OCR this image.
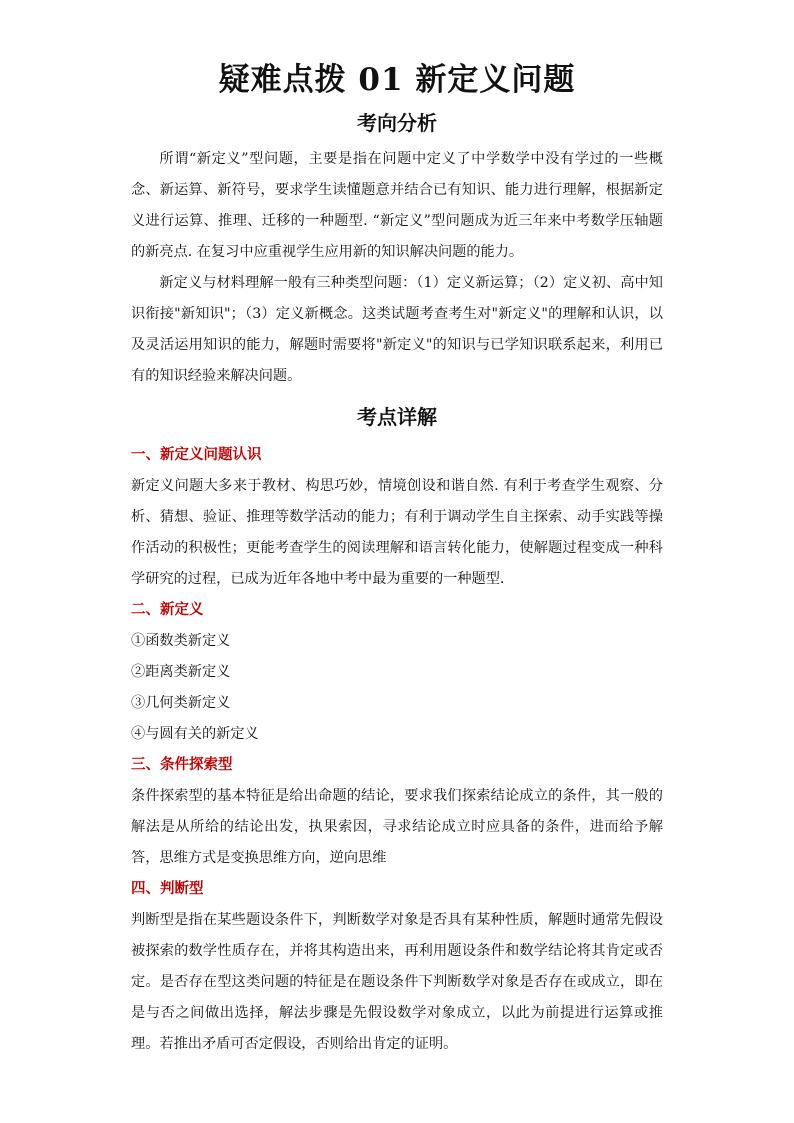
疑难点拨 01 新定义问题
考向分析

所谓“新定义”型问题，主要是指在问题中定义了中学数学中没有学过的一些概念、新运算、新符号，要求学生读懂题意并结合已有知识、能力进行理解，根据新定义进行运算、推理、迁移的一种题型. “新定义”型问题成为近三年来中考数学压轴题的新亮点. 在复习中应重视学生应用新的知识解决问题的能力。

新定义与材料理解一般有三种类型问题：（1）定义新运算；（2）定义初、高中知识衔接"新知识"；（3）定义新概念。这类试题考查考生对"新定义"的理解和认识，以及灵活运用知识的能力，解题时需要将"新定义"的知识与已学知识联系起来，利用已有的知识经验来解决问题。

考点详解
一、新定义问题认识

新定义问题大多来于教材、构思巧妙，情境创设和谐自然. 有利于考查学生观察、分析、猜想、验证、推理等数学活动的能力；有利于调动学生自主探索、动手实践等操作活动的积极性；更能考查学生的阅读理解和语言转化能力，使解题过程变成一种科学研究的过程，已成为近年各地中考中最为重要的一种题型.

二、新定义
①函数类新定义
②距离类新定义
③几何类新定义
④与圆有关的新定义
三、条件探索型

条件探索型的基本特征是给出命题的结论，要求我们探索结论成立的条件，其一般的解法是从所给的结论出发，执果索因，寻求结论成立时应具备的条件，进而给予解答，思维方式是变换思维方向，逆向思维

四、判断型

判断型是指在某些题设条件下，判断数学对象是否具有某种性质，解题时通常先假设被探索的数学性质存在，并将其构造出来，再利用题设条件和数学结论将其肯定或否定。是否存在型这类问题的特征是在题设条件下判断数学对象是否存在或成立，即在是与否之间做出选择，解法步骤是先假设数学对象成立，以此为前提进行运算或推理。若推出矛盾可否定假设，否则给出肯定的证明。
